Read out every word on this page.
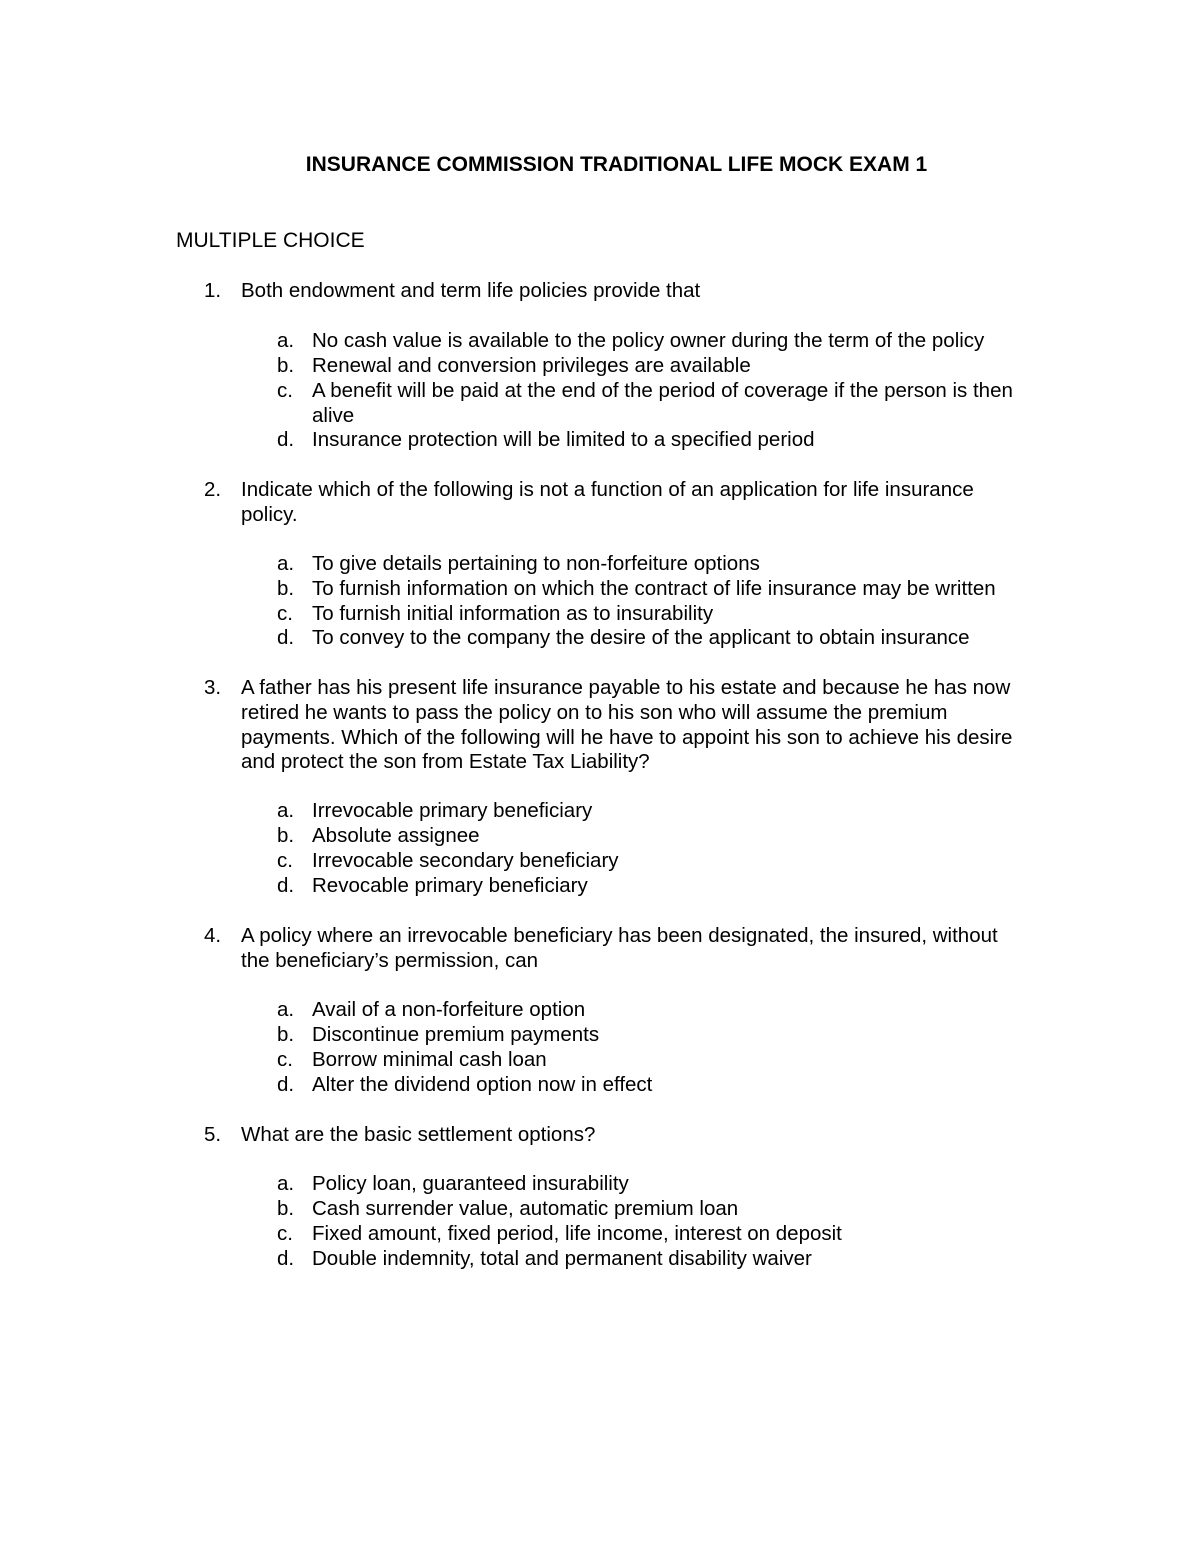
INSURANCE COMMISSION TRADITIONAL LIFE MOCK EXAM 1
MULTIPLE CHOICE
1. Both endowment and term life policies provide that
a. No cash value is available to the policy owner during the term of the policy
b. Renewal and conversion privileges are available
c. A benefit will be paid at the end of the period of coverage if the person is then
alive
d. Insurance protection will be limited to a specified period
2. Indicate which of the following is not a function of an application for life insurance
policy.
a. To give details pertaining to non-forfeiture options
b. To furnish information on which the contract of life insurance may be written
c. To furnish initial information as to insurability
d. To convey to the company the desire of the applicant to obtain insurance
3. A father has his present life insurance payable to his estate and because he has now
retired he wants to pass the policy on to his son who will assume the premium
payments. Which of the following will he have to appoint his son to achieve his desire
and protect the son from Estate Tax Liability?
a. Irrevocable primary beneficiary
b. Absolute assignee
c. Irrevocable secondary beneficiary
d. Revocable primary beneficiary
4. A policy where an irrevocable beneficiary has been designated, the insured, without
the beneficiary’s permission, can
a. Avail of a non-forfeiture option
b. Discontinue premium payments
c. Borrow minimal cash loan
d. Alter the dividend option now in effect
5. What are the basic settlement options?
a. Policy loan, guaranteed insurability
b. Cash surrender value, automatic premium loan
c. Fixed amount, fixed period, life income, interest on deposit
d. Double indemnity, total and permanent disability waiver
